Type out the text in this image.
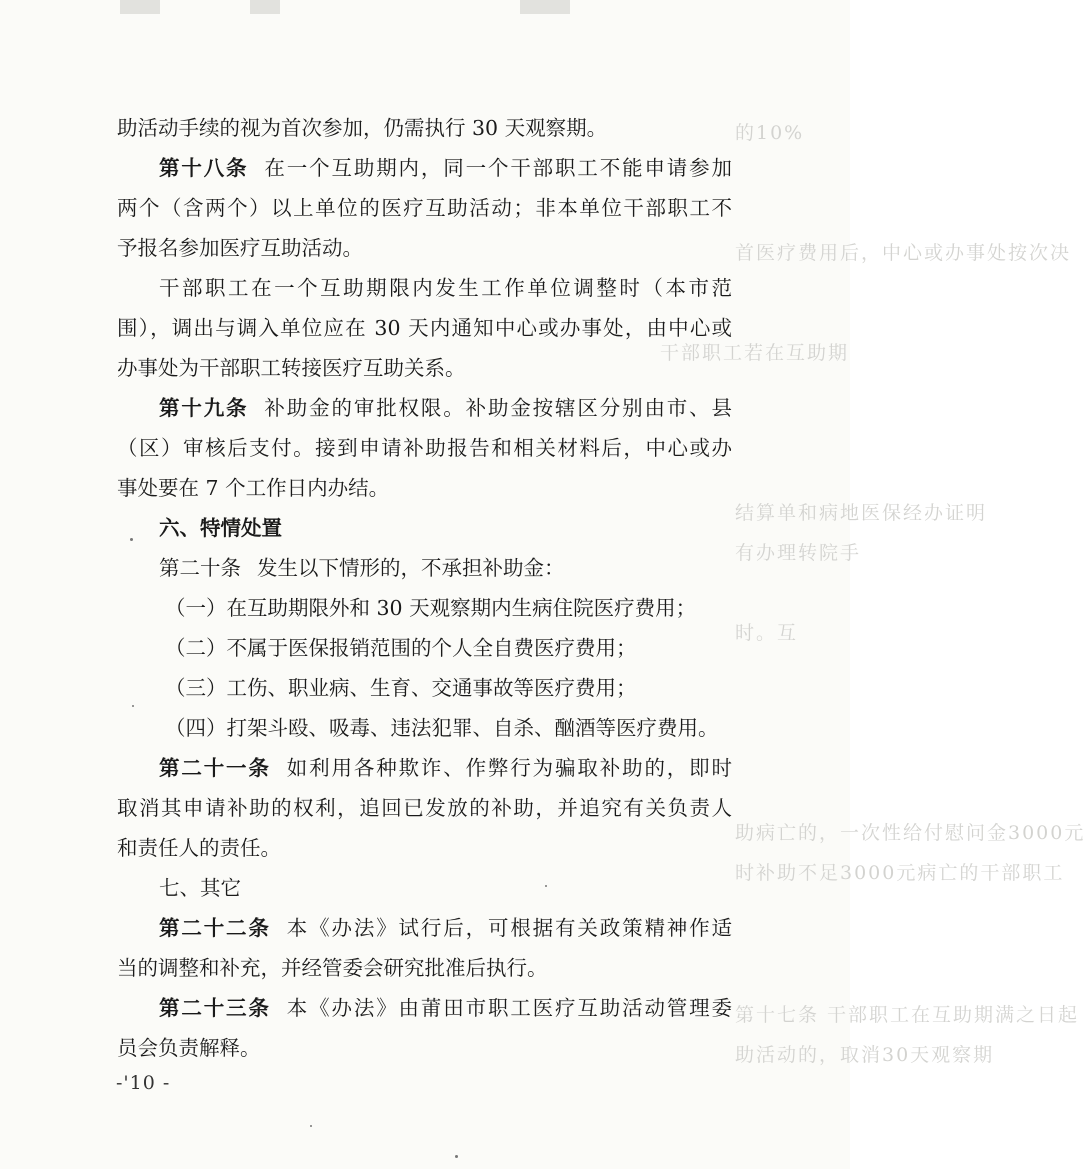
的10%
首医疗费用后，中心或办事处按次决
干部职工若在互助期
结算单和病地医保经办证明
有办理转院手
时。互
助病亡的，一次性给付慰问金3000元
时补助不足3000元病亡的干部职工
第十七条 干部职工在互助期满之日起
助活动的，取消30天观察期
助活动手续的视为首次参加，仍需执行 30 天观察期。
第十八条 在一个互助期内，同一个干部职工不能申请参加
两个（含两个）以上单位的医疗互助活动；非本单位干部职工不
予报名参加医疗互助活动。
干部职工在一个互助期限内发生工作单位调整时（本市范
围），调出与调入单位应在 30 天内通知中心或办事处，由中心或
办事处为干部职工转接医疗互助关系。
第十九条 补助金的审批权限。补助金按辖区分别由市、县
（区）审核后支付。接到申请补助报告和相关材料后，中心或办
事处要在 7 个工作日内办结。
六、特情处置
第二十条 发生以下情形的，不承担补助金：
（一）在互助期限外和 30 天观察期内生病住院医疗费用；
（二）不属于医保报销范围的个人全自费医疗费用；
（三）工伤、职业病、生育、交通事故等医疗费用；
（四）打架斗殴、吸毒、违法犯罪、自杀、酗酒等医疗费用。
第二十一条 如利用各种欺诈、作弊行为骗取补助的，即时
取消其申请补助的权利，追回已发放的补助，并追究有关负责人
和责任人的责任。
七、其它
第二十二条 本《办法》试行后，可根据有关政策精神作适
当的调整和补充，并经管委会研究批准后执行。
第二十三条 本《办法》由莆田市职工医疗互助活动管理委
员会负责解释。
-'10 -
